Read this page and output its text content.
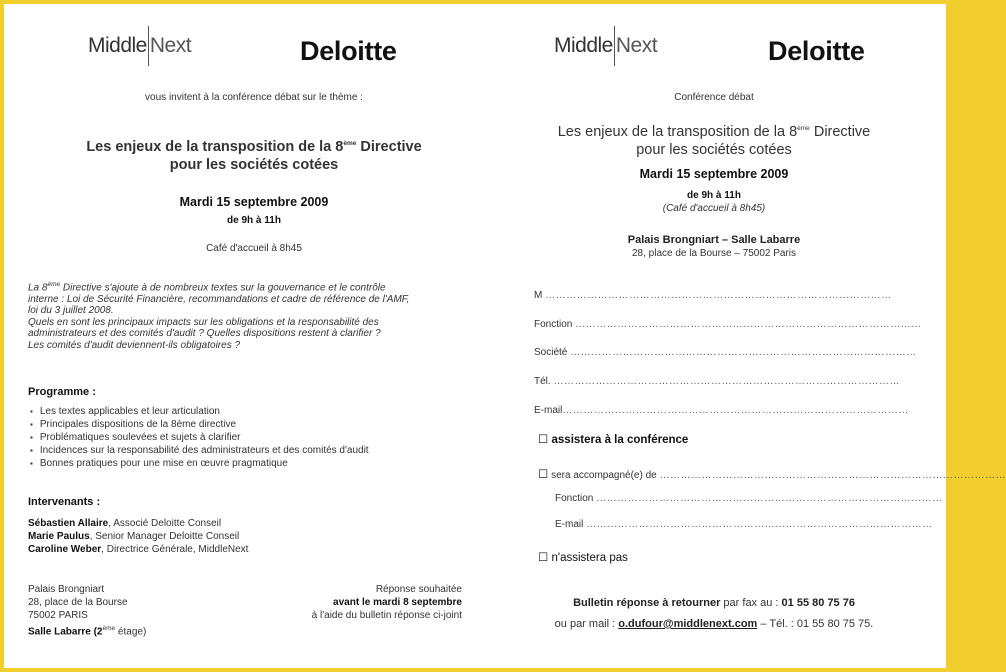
Middle Next	Deloitte
vous invitent à la conférence débat sur le thème :
Les enjeux de la transposition de la 8ème Directive
pour les sociétés cotées
Mardi 15 septembre 2009
de 9h à 11h
Café d'accueil à 8h45
La 8ème Directive s'ajoute à de nombreux textes sur la gouvernance et le contrôle
interne : Loi de Sécurité Financière, recommandations et cadre de référence de l'AMF,
loi du 3 juillet 2008.
Quels en sont les principaux impacts sur les obligations et la responsabilité des
administrateurs et des comités d'audit ? Quelles dispositions restent à clarifier ?
Les comités d'audit deviennent-ils obligatoires ?
Programme :
▪ Les textes applicables et leur articulation
▪ Principales dispositions de la 8ème directive
▪ Problématiques soulevées et sujets à clarifier
▪ Incidences sur la responsabilité des administrateurs et des comités d'audit
▪ Bonnes pratiques pour une mise en œuvre pragmatique
Intervenants :
Sébastien Allaire, Associé Deloitte Conseil
Marie Paulus, Senior Manager Deloitte Conseil
Caroline Weber, Directrice Générale, MiddleNext
Palais Brongniart
28, place de la Bourse
75002 PARIS
Salle Labarre (2ème étage)
Réponse souhaitée
avant le mardi 8 septembre
à l'aide du bulletin réponse ci-joint
Middle Next	Deloitte
Conférence débat
Les enjeux de la transposition de la 8ème Directive
pour les sociétés cotées
Mardi 15 septembre 2009
de 9h à 11h
(Café d'accueil à 8h45)
Palais Brongniart – Salle Labarre
28, place de la Bourse – 75002 Paris
M ………………………………………………………………………………………
Fonction ………………………………………………………………………………………
Société ………………………………………………………………………………………
Tél. ………………………………………………………………………………………
E-mail………………………………………………………………………………………
☐ assistera à la conférence
☐ sera accompagné(e) de ………………………………………………………………………………………
Fonction ………………………………………………………………………………………
E-mail ………………………………………………………………………………………
☐ n'assistera pas
Bulletin réponse à retourner par fax au : 01 55 80 75 76
ou par mail : o.dufour@middlenext.com – Tél. : 01 55 80 75 75.
